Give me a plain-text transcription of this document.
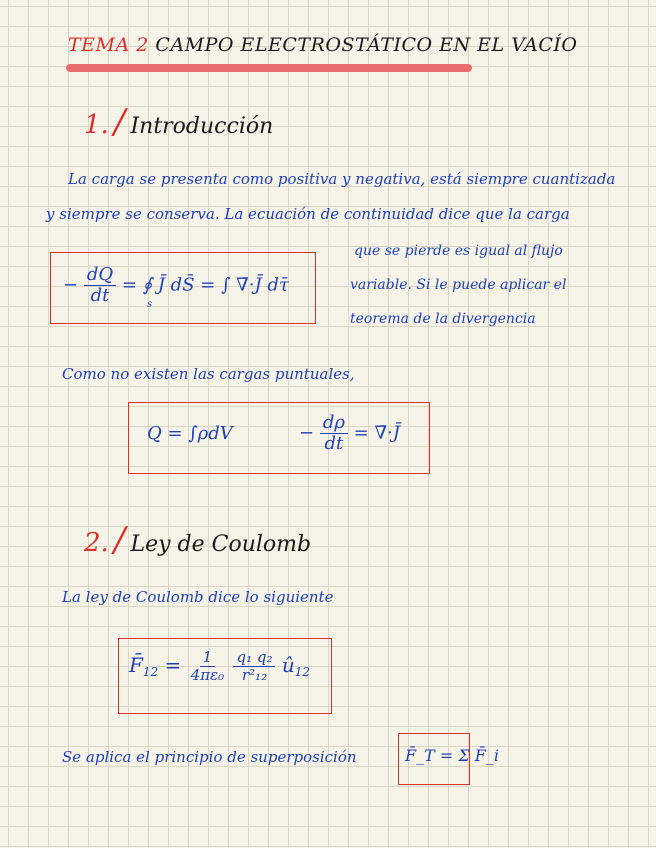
TEMA 2 CAMPO ELECTROSTÁTICO EN EL VACÍO
1. / Introducción
La carga se presenta como positiva y negativa, está siempre cuantizada
y siempre se conserva. La ecuación de continuidad dice que la carga
que se pierde es igual al flujo
variable. Si le puede aplicar el
teorema de la divergencia
− $\frac{dQ}{dt}$ = ∮ J̄ dS̄ = ∫ ∇̄·J̄ dτ̄
s
Como no existen las cargas puntuales,
Q = ∫ρdV	− $\frac{d\rho}{dt}$ = ∇̄·J̄
2. / Ley de Coulomb
La ley de Coulomb dice lo siguiente
$F̄_{12} = \frac{1}{\text{4πε₀}}$
$\frac{\text{q₁ q₂}}{\text{r²₁₂}}$ $û_{12}$
Se aplica el principio de superposición	F̄_T = Σ F̄_i
